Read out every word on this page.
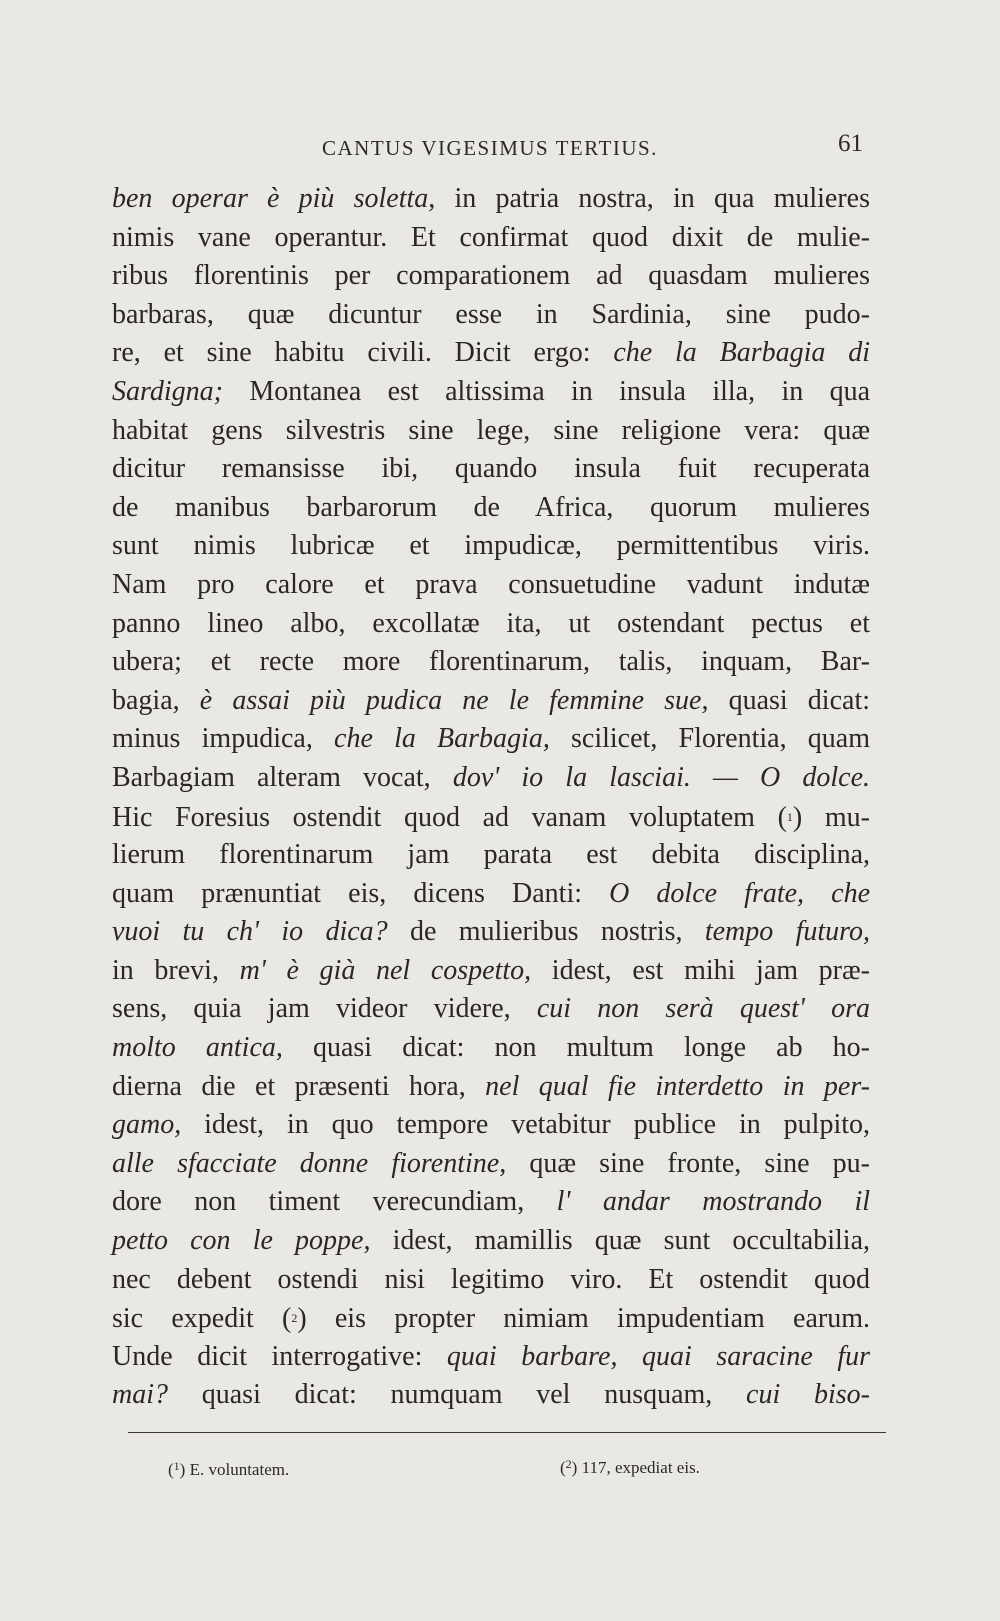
CANTUS VIGESIMUS TERTIUS.	61
ben operar è più soletta, in patria nostra, in qua mulieres
nimis vane operantur. Et confirmat quod dixit de mulie-
ribus florentinis per comparationem ad quasdam mulieres
barbaras, quæ dicuntur esse in Sardinia, sine pudo-
re, et sine habitu civili. Dicit ergo: che la Barbagia di
Sardigna; Montanea est altissima in insula illa, in qua
habitat gens silvestris sine lege, sine religione vera: quæ
dicitur remansisse ibi, quando insula fuit recuperata
de manibus barbarorum de Africa, quorum mulieres
sunt nimis lubricæ et impudicæ, permittentibus viris.
Nam pro calore et prava consuetudine vadunt indutæ
panno lineo albo, excollatæ ita, ut ostendant pectus et
ubera; et recte more florentinarum, talis, inquam, Bar-
bagia, è assai più pudica ne le femmine sue, quasi dicat:
minus impudica, che la Barbagia, scilicet, Florentia, quam
Barbagiam alteram vocat, dov' io la lasciai. — O dolce.
Hic Foresius ostendit quod ad vanam voluptatem ($^1$) mu-
lierum florentinarum jam parata est debita disciplina,
quam prænuntiat eis, dicens Danti: O dolce frate, che
vuoi tu ch' io dica? de mulieribus nostris, tempo futuro,
in brevi, m' è già nel cospetto, idest, est mihi jam præ-
sens, quia jam videor videre, cui non serà quest' ora
molto antica, quasi dicat: non multum longe ab ho-
dierna die et præsenti hora, nel qual fie interdetto in per-
gamo, idest, in quo tempore vetabitur publice in pulpito,
alle sfacciate donne fiorentine, quæ sine fronte, sine pu-
dore non timent verecundiam, l' andar mostrando il
petto con le poppe, idest, mamillis quæ sunt occultabilia,
nec debent ostendi nisi legitimo viro. Et ostendit quod
sic expedit ($^2$) eis propter nimiam impudentiam earum.
Unde dicit interrogative: quai barbare, quai saracine fur
mai? quasi dicat: numquam vel nusquam, cui biso-
($^1$) E. voluntatem.	($^2$) 117, expediat eis.
